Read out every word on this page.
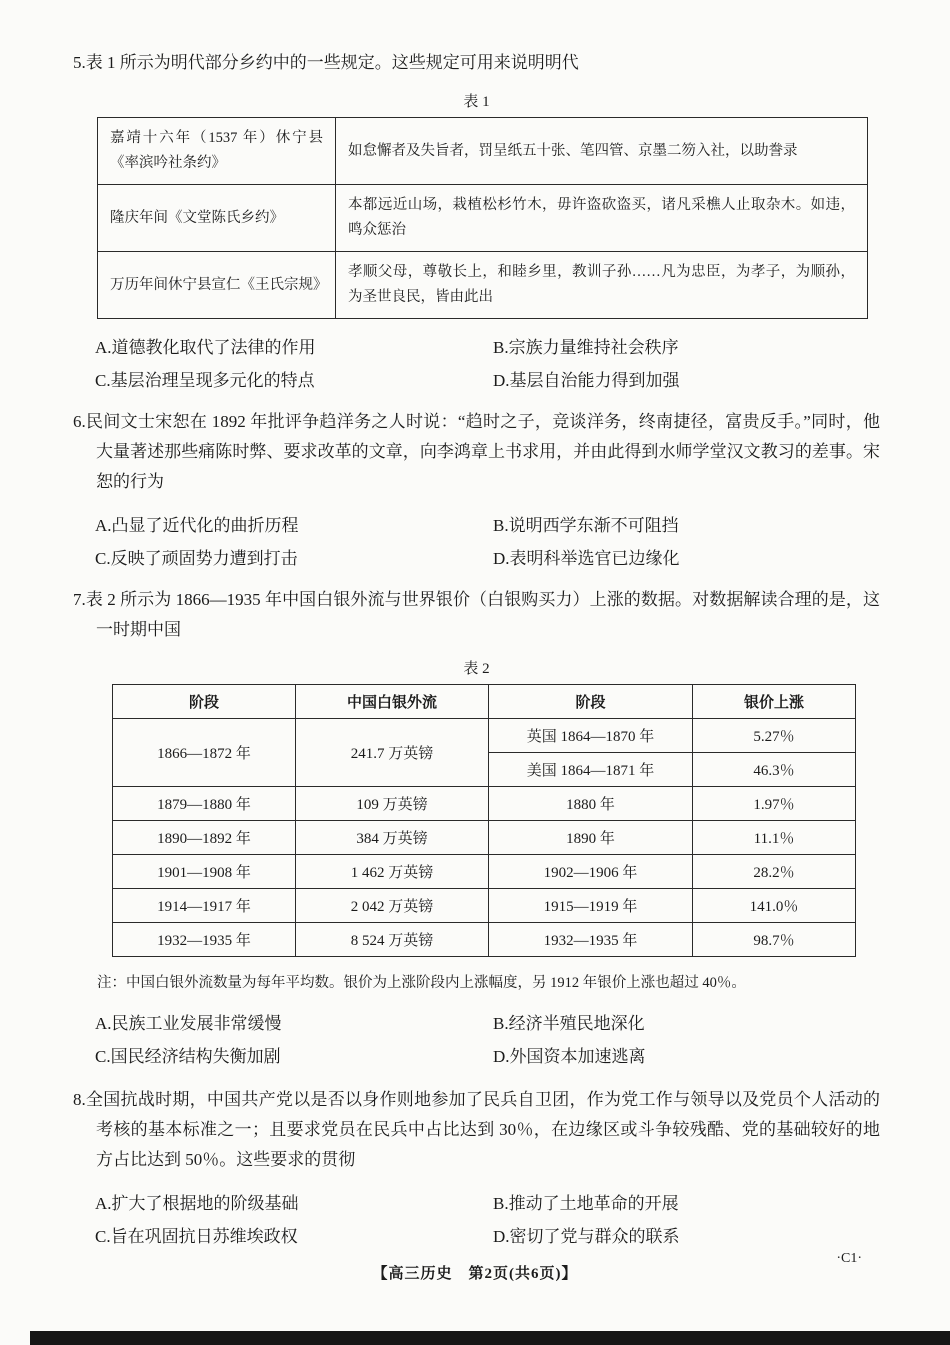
5.表 1 所示为明代部分乡约中的一些规定。这些规定可用来说明明代

表 1
嘉靖十六年（1537 年）休宁县《率滨吟社条约》	如怠懈者及失旨者，罚呈纸五十张、笔四管、京墨二笏入社，以助誊录
隆庆年间《文堂陈氏乡约》	本都远近山场，栽植松杉竹木，毋许盗砍盗买，诸凡采樵人止取杂木。如违，鸣众惩治
万历年间休宁县宣仁《王氏宗规》	孝顺父母，尊敬长上，和睦乡里，教训子孙……凡为忠臣，为孝子，为顺孙，为圣世良民，皆由此出
A.道德教化取代了法律的作用	B.宗族力量维持社会秩序
C.基层治理呈现多元化的特点	D.基层自治能力得到加强

6.民间文士宋恕在 1892 年批评争趋洋务之人时说：“趋时之子，竞谈洋务，终南捷径，富贵反手。”同时，他大量著述那些痛陈时弊、要求改革的文章，向李鸿章上书求用，并由此得到水师学堂汉文教习的差事。宋恕的行为

A.凸显了近代化的曲折历程	B.说明西学东渐不可阻挡
C.反映了顽固势力遭到打击	D.表明科举选官已边缘化

7.表 2 所示为 1866—1935 年中国白银外流与世界银价（白银购买力）上涨的数据。对数据解读合理的是，这一时期中国

表 2
阶段	中国白银外流	阶段	银价上涨
1866—1872 年	241.7 万英镑	英国 1864—1870 年	5.27％
		美国 1864—1871 年	46.3％
1879—1880 年	109 万英镑	1880 年	1.97％
1890—1892 年	384 万英镑	1890 年	11.1％
1901—1908 年	1 462 万英镑	1902—1906 年	28.2％
1914—1917 年	2 042 万英镑	1915—1919 年	141.0％
1932—1935 年	8 524 万英镑	1932—1935 年	98.7％

注：中国白银外流数量为每年平均数。银价为上涨阶段内上涨幅度，另 1912 年银价上涨也超过 40％。

A.民族工业发展非常缓慢	B.经济半殖民地深化
C.国民经济结构失衡加剧	D.外国资本加速逃离

8.全国抗战时期，中国共产党以是否以身作则地参加了民兵自卫团，作为党工作与领导以及党员个人活动的考核的基本标准之一；且要求党员在民兵中占比达到 30％，在边缘区或斗争较残酷、党的基础较好的地方占比达到 50％。这些要求的贯彻

A.扩大了根据地的阶级基础	B.推动了土地革命的开展
C.旨在巩固抗日苏维埃政权	D.密切了党与群众的联系
【高三历史　第2页(共6页)】
·C1·
